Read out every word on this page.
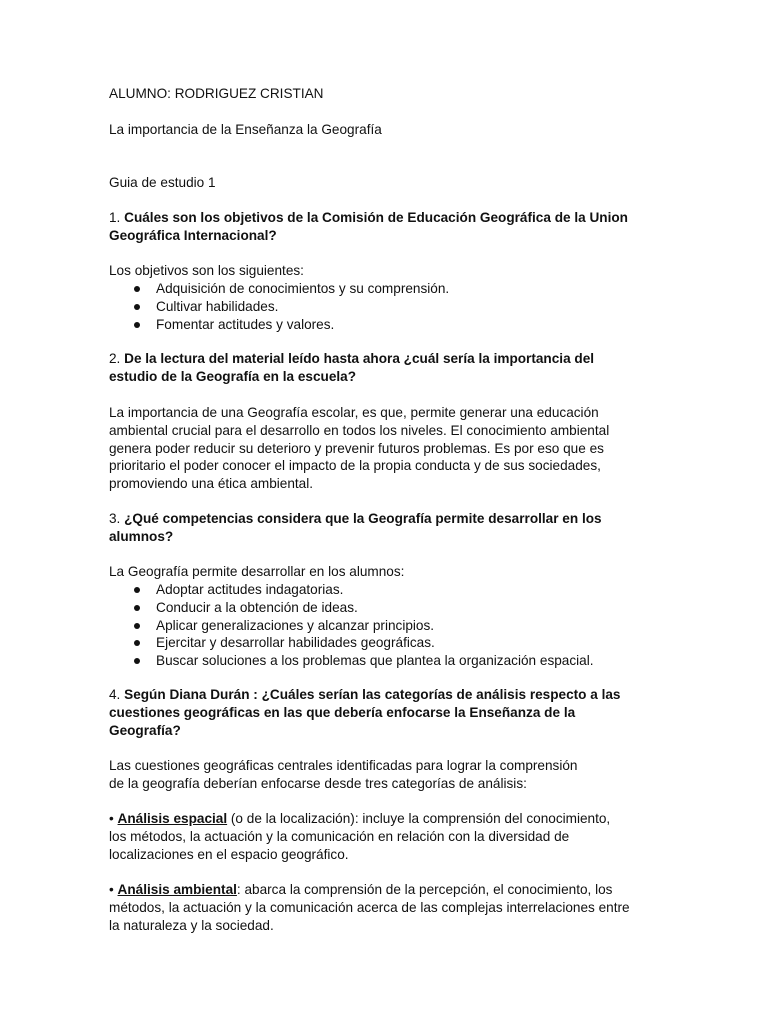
ALUMNO: RODRIGUEZ CRISTIAN

La importancia de la Enseñanza la Geografía

Guia de estudio 1

1. Cuáles son los objetivos de la Comisión de Educación Geográfica de la Union
Geográfica Internacional?

Los objetivos son los siguientes:

Adquisición de conocimientos y su comprensión.
Cultivar habilidades.
Fomentar actitudes y valores.
2. De la lectura del material leído hasta ahora ¿cuál sería la importancia del
estudio de la Geografía en la escuela?
La importancia de una Geografía escolar, es que, permite generar una educación
ambiental crucial para el desarrollo en todos los niveles. El conocimiento ambiental
genera poder reducir su deterioro y prevenir futuros problemas. Es por eso que es
prioritario el poder conocer el impacto de la propia conducta y de sus sociedades,
promoviendo una ética ambiental.
3. ¿Qué competencias considera que la Geografía permite desarrollar en los
alumnos?

La Geografía permite desarrollar en los alumnos:

Adoptar actitudes indagatorias.
Conducir a la obtención de ideas.
Aplicar generalizaciones y alcanzar principios.
Ejercitar y desarrollar habilidades geográficas.
Buscar soluciones a los problemas que plantea la organización espacial.
4. Según Diana Durán : ¿Cuáles serían las categorías de análisis respecto a las
cuestiones geográficas en las que debería enfocarse la Enseñanza de la
Geografía?
Las cuestiones geográficas centrales identificadas para lograr la comprensión
de la geografía deberían enfocarse desde tres categorías de análisis:
• Análisis espacial (o de la localización): incluye la comprensión del conocimiento,
los métodos, la actuación y la comunicación en relación con la diversidad de
localizaciones en el espacio geográfico.
• Análisis ambiental: abarca la comprensión de la percepción, el conocimiento, los
métodos, la actuación y la comunicación acerca de las complejas interrelaciones entre
la naturaleza y la sociedad.
